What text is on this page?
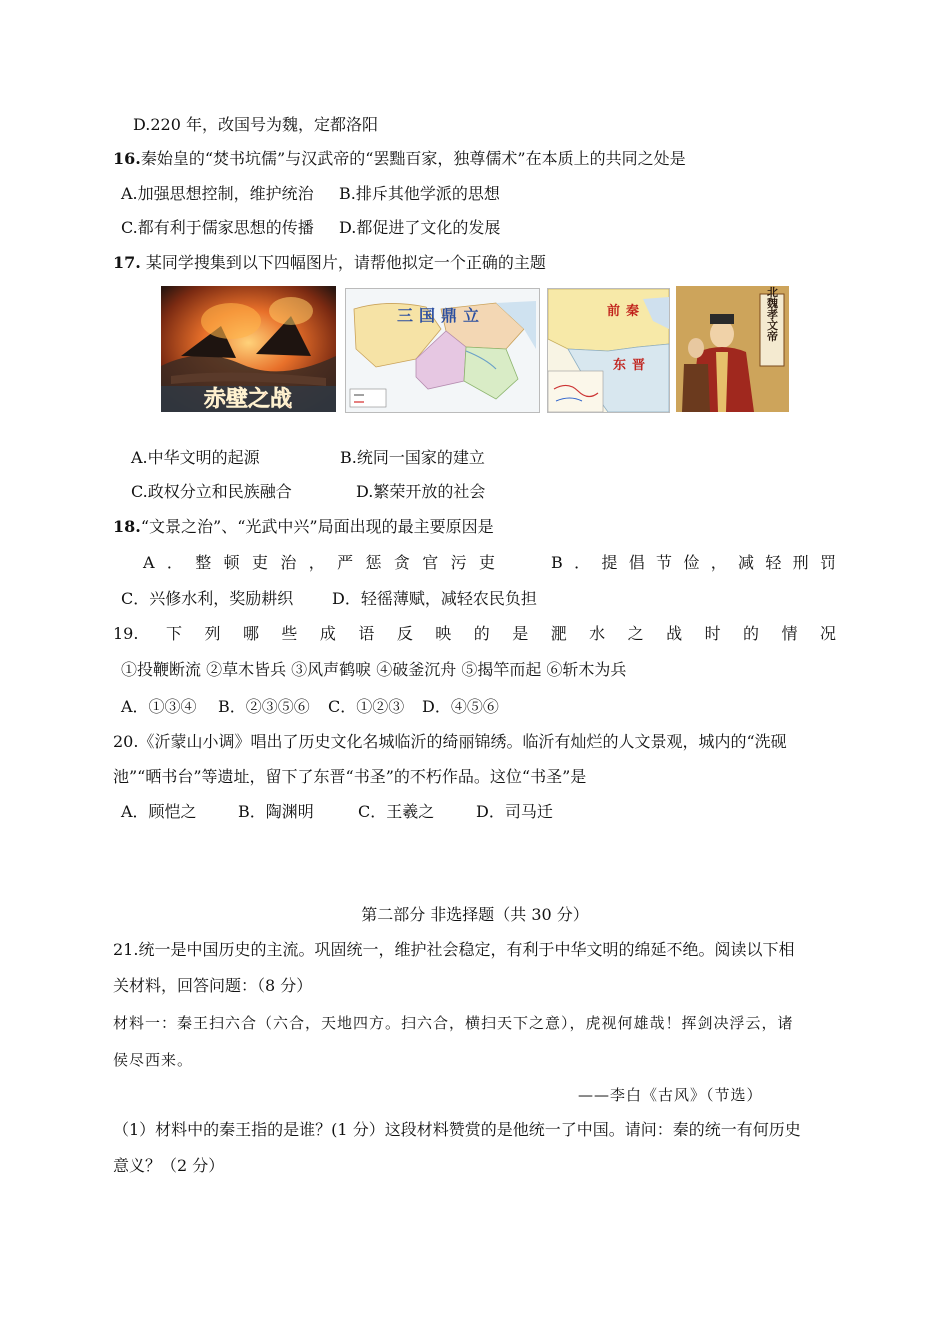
D.220 年，改国号为魏，定都洛阳
16.秦始皇的“焚书坑儒”与汉武帝的“罢黜百家，独尊儒术”在本质上的共同之处是
A.加强思想控制，维护统治 B.排斥其他学派的思想
C.都有利于儒家思想的传播 D.都促进了文化的发展
17. 某同学搜集到以下四幅图片，请帮他拟定一个正确的主题
赤壁之战
三国鼎立	前秦
东晋
北魏孝文帝
A.中华文明的起源	B.统同一国家的建立
C.政权分立和民族融合	D.繁荣开放的社会
18.“文景之治”、“光武中兴”局面出现的最主要原因是
A．整顿吏治，严惩贪官污吏	B．提倡节俭，减轻刑罚
C．兴修水利，奖励耕织 D．轻徭薄赋，减轻农民负担
19. 下列哪些成语反映的是淝水之战时的情况
①投鞭断流 ②草木皆兵 ③风声鹤唳 ④破釜沉舟 ⑤揭竿而起 ⑥斩木为兵
A．①③④ B．②③⑤⑥ C．①②③ D．④⑤⑥
20.《沂蒙山小调》唱出了历史文化名城临沂的绮丽锦绣。临沂有灿烂的人文景观，城内的“洗砚
池”“晒书台”等遗址，留下了东晋“书圣”的不朽作品。这位“书圣”是
A．顾恺之	B．陶渊明	C．王羲之	D．司马迁
第二部分 非选择题（共 30 分）
21.统一是中国历史的主流。巩固统一，维护社会稳定，有利于中华文明的绵延不绝。阅读以下相
关材料，回答问题：（8 分）
材料一：秦王扫六合（六合，天地四方。扫六合，横扫天下之意），虎视何雄哉！挥剑决浮云，诸
侯尽西来。
——李白《古风》（节选）
（1）材料中的秦王指的是谁？(1 分）这段材料赞赏的是他统一了中国。请问：秦的统一有何历史
意义？（2 分）
